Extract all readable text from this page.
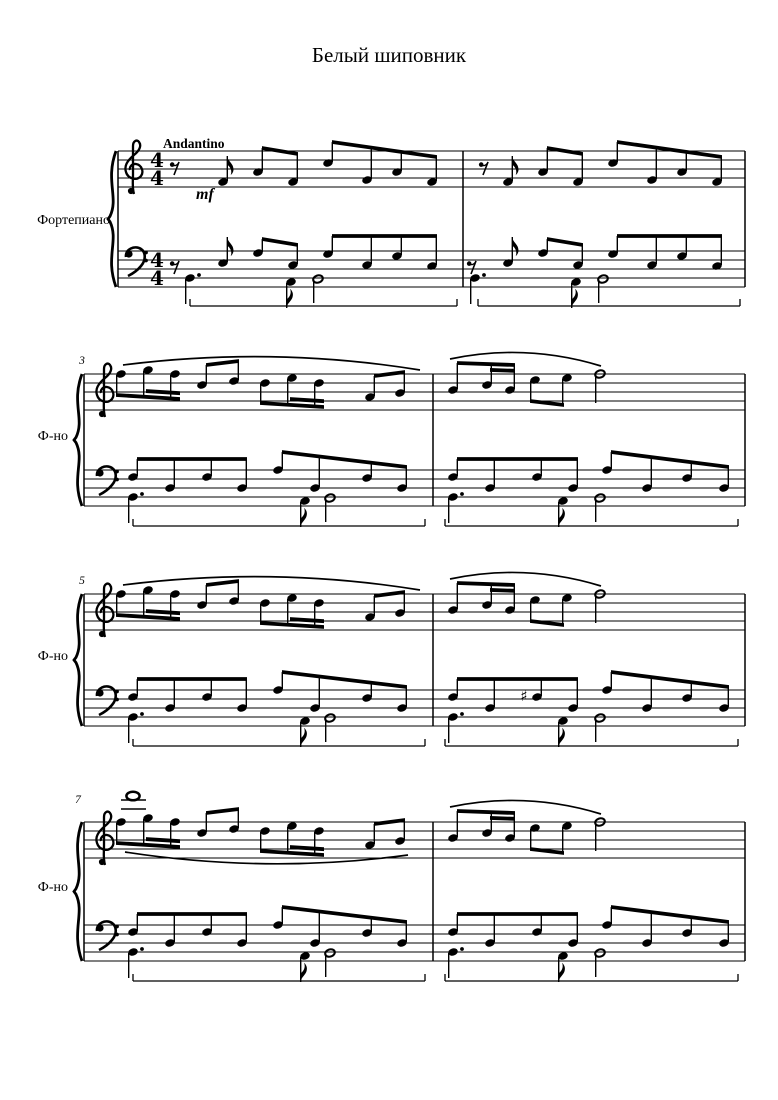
Белый шиповник
4
4
4
4
Фортепиано
Andantino
mf
Ф-но
3
Ф-но
5
♯
Ф-но
7
